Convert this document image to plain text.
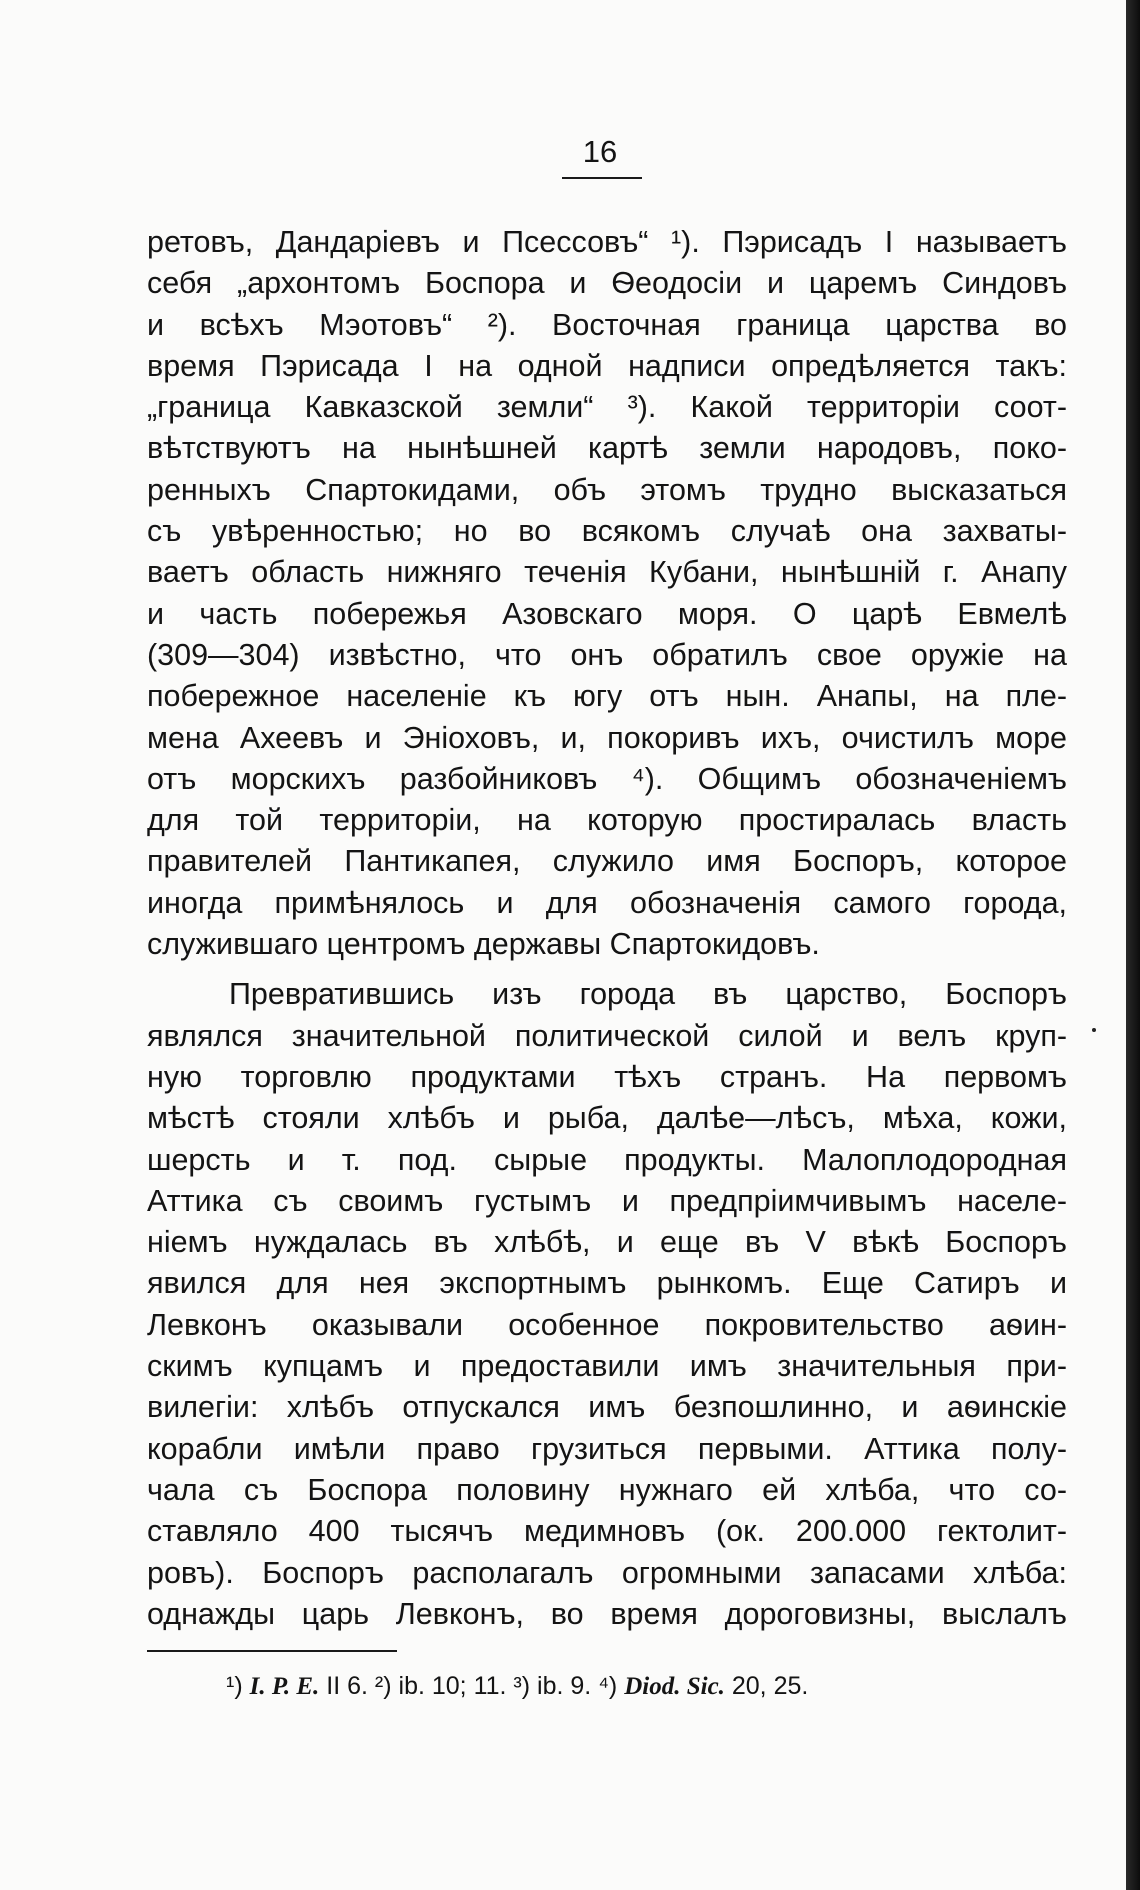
16
ретовъ, Дандаріевъ и Псессовъ“ ¹). Пэрисадъ I называетъ
себя „архонтомъ Боспора и Ѳеодосіи и царемъ Синдовъ
и всѣхъ Мэотовъ“ ²). Восточная граница царства во
время Пэрисада I на одной надписи опредѣляется такъ:
„граница Кавказской земли“ ³). Какой территоріи соот-
вѣтствуютъ на нынѣшней картѣ земли народовъ, поко-
ренныхъ Спартокидами, объ этомъ трудно высказаться
съ увѣренностью; но во всякомъ случаѣ она захваты-
ваетъ область нижняго теченія Кубани, нынѣшній г. Анапу
и часть побережья Азовскаго моря. О царѣ Евмелѣ
(309—304) извѣстно, что онъ обратилъ свое оружіе на
побережное населеніе къ югу отъ нын. Анапы, на пле-
мена Ахеевъ и Эніоховъ, и, покоривъ ихъ, очистилъ море
отъ морскихъ разбойниковъ ⁴). Общимъ обозначеніемъ
для той территоріи, на которую простиралась власть
правителей Пантикапея, служило имя Боспоръ, которое
иногда примѣнялось и для обозначенія самого города,
служившаго центромъ державы Спартокидовъ.
Превратившись изъ города въ царство, Боспоръ
являлся значительной политической силой и велъ круп-
ную торговлю продуктами тѣхъ странъ. На первомъ
мѣстѣ стояли хлѣбъ и рыба, далѣе—лѣсъ, мѣха, кожи,
шерсть и т. под. сырые продукты. Малоплодородная
Аттика съ своимъ густымъ и предпріимчивымъ населе-
ніемъ нуждалась въ хлѣбѣ, и еще въ V вѣкѣ Боспоръ
явился для нея экспортнымъ рынкомъ. Еще Сатиръ и
Левконъ оказывали особенное покровительство аѳин-
скимъ купцамъ и предоставили имъ значительныя при-
вилегіи: хлѣбъ отпускался имъ безпошлинно, и аѳинскіе
корабли имѣли право грузиться первыми. Аттика полу-
чала съ Боспора половину нужнаго ей хлѣба, что со-
ставляло 400 тысячъ медимновъ (ок. 200.000 гектолит-
ровъ). Боспоръ располагалъ огромными запасами хлѣба:
однажды царь Левконъ, во время дороговизны, выслалъ
¹) I. P. E. II 6. ²) ib. 10; 11. ³) ib. 9. ⁴) Diod. Sic. 20, 25.
